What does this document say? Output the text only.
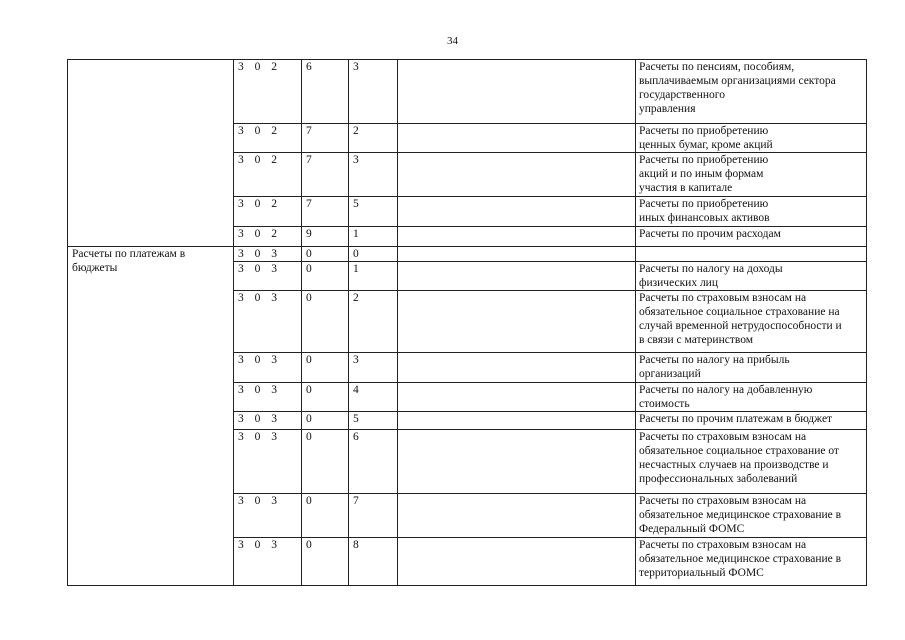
34
	3 0 2	6	3		Расчеты по пенсиям, пособиям,
выплачиваемым организациями сектора
государственного
управления
	3 0 2	7	2		Расчеты по приобретению
ценных бумаг, кроме акций
	3 0 2	7	3		Расчеты по приобретению
акций и по иным формам
участия в капитале
	3 0 2	7	5		Расчеты по приобретению
иных финансовых активов
	3 0 2	9	1		Расчеты по прочим расходам
Расчеты по платежам в
бюджеты	3 0 3	0	0		
	3 0 3	0	1		Расчеты по налогу на доходы
физических лиц
	3 0 3	0	2		Расчеты по страховым взносам на
обязательное социальное страхование на
случай временной нетрудоспособности и
в связи с материнством
	3 0 3	0	3		Расчеты по налогу на прибыль
организаций
	3 0 3	0	4		Расчеты по налогу на добавленную
стоимость
	3 0 3	0	5		Расчеты по прочим платежам в бюджет
	3 0 3	0	6		Расчеты по страховым взносам на
обязательное социальное страхование от
несчастных случаев на производстве и
профессиональных заболеваний
	3 0 3	0	7		Расчеты по страховым взносам на
обязательное медицинское страхование в
Федеральный ФОМС
	3 0 3	0	8		Расчеты по страховым взносам на
обязательное медицинское страхование в
территориальный ФОМС
